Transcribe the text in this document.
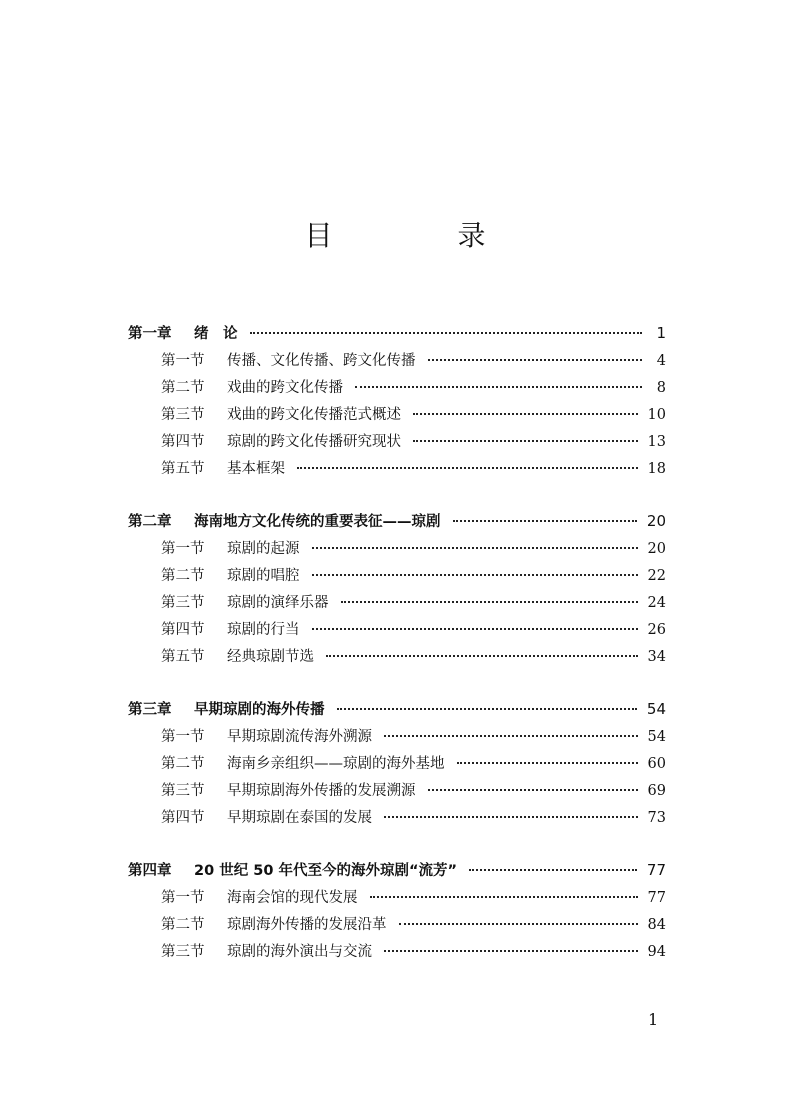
目 录
第一章 绪　论	1
第一节 传播、文化传播、跨文化传播	4
第二节 戏曲的跨文化传播	8
第三节 戏曲的跨文化传播范式概述	10
第四节 琼剧的跨文化传播研究现状	13
第五节 基本框架	18
第二章 海南地方文化传统的重要表征——琼剧	20
第一节 琼剧的起源	20
第二节 琼剧的唱腔	22
第三节 琼剧的演绎乐器	24
第四节 琼剧的行当	26
第五节 经典琼剧节选	34
第三章 早期琼剧的海外传播	54
第一节 早期琼剧流传海外溯源	54
第二节 海南乡亲组织——琼剧的海外基地	60
第三节 早期琼剧海外传播的发展溯源	69
第四节 早期琼剧在泰国的发展	73
第四章 20 世纪 50 年代至今的海外琼剧“流芳”	77
第一节 海南会馆的现代发展	77
第二节 琼剧海外传播的发展沿革	84
第三节 琼剧的海外演出与交流	94
1
